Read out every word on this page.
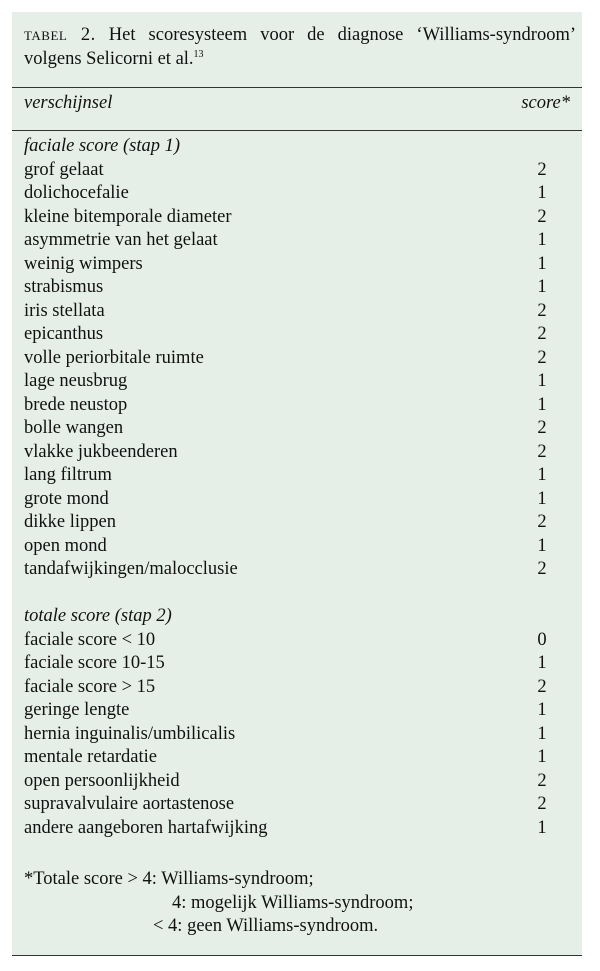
tabel 2. Het scoresysteem voor de diagnose ‘Williams-syndroom’ volgens Selicorni et al.$^{13}$
verschijnsel	score*
faciale score (stap 1)
grof gelaat	2
dolichocefalie	1
kleine bitemporale diameter	2
asymmetrie van het gelaat	1
weinig wimpers	1
strabismus	1
iris stellata	2
epicanthus	2
volle periorbitale ruimte	2
lage neusbrug	1
brede neustop	1
bolle wangen	2
vlakke jukbeenderen	2
lang filtrum	1
grote mond	1
dikke lippen	2
open mond	1
tandafwijkingen/malocclusie	2
totale score (stap 2)
faciale score < 10	0
faciale score 10-15	1
faciale score > 15	2
geringe lengte	1
hernia inguinalis/umbilicalis	1
mentale retardatie	1
open persoonlijkheid	2
supravalvulaire aortastenose	2
andere aangeboren hartafwijking	1
*Totale score > 4: Williams-syndroom;
4: mogelijk Williams-syndroom;
< 4: geen Williams-syndroom.
